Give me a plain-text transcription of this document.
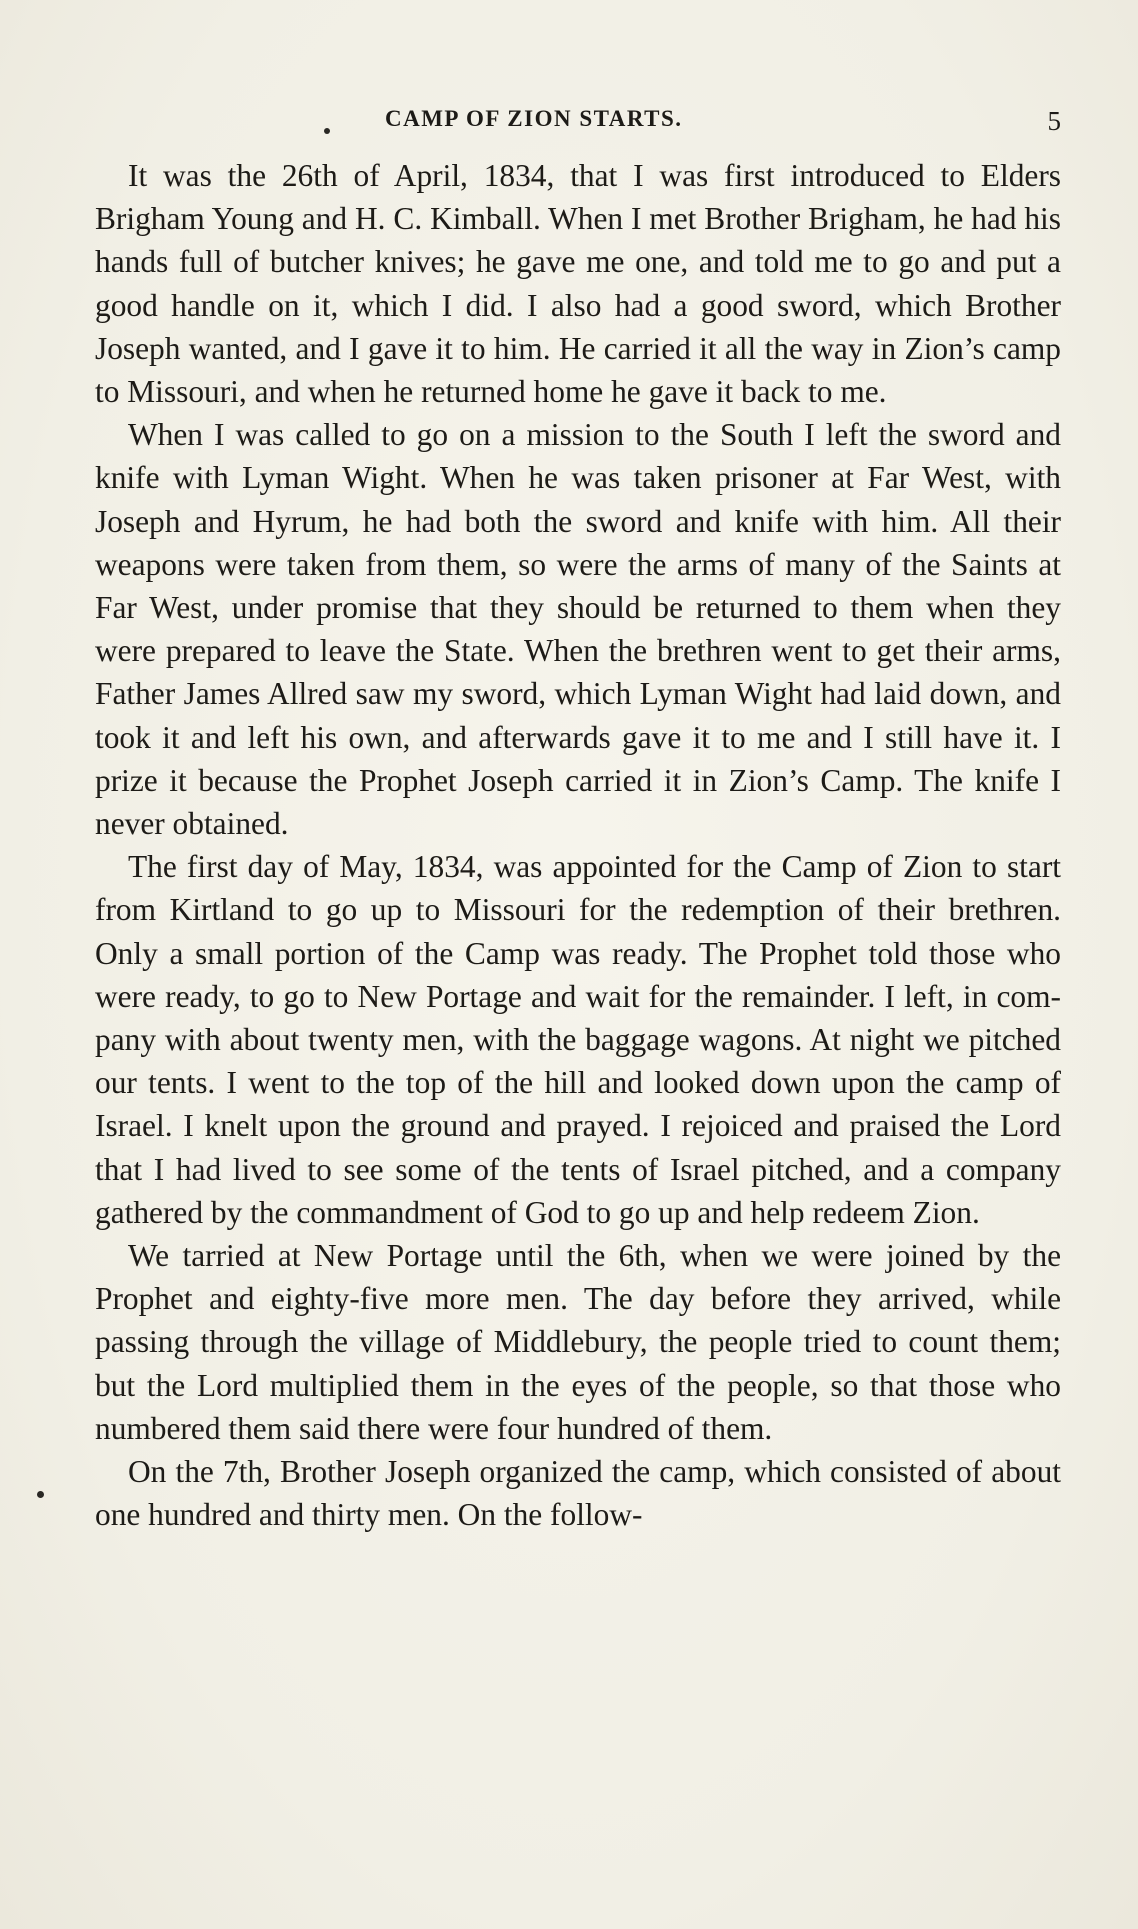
CAMP OF ZION STARTS.	5

It was the 26th of April, 1834, that I was first introduced to Elders Brigham Young and H. C. Kimball. When I met Brother Brigham, he had his hands full of butcher knives; he gave me one, and told me to go and put a good handle on it, which I did. I also had a good sword, which Brother Joseph wanted, and I gave it to him. He carried it all the way in Zion’s camp to Missouri, and when he returned home he gave it back to me.

When I was called to go on a mission to the South I left the sword and knife with Lyman Wight. When he was taken prisoner at Far West, with Joseph and Hyrum, he had both the sword and knife with him. All their weapons were taken from them, so were the arms of many of the Saints at Far West, under promise that they should be returned to them when they were prepared to leave the State. When the brethren went to get their arms, Father James Allred saw my sword, which Lyman Wight had laid down, and took it and left his own, and afterwards gave it to me and I still have it. I prize it because the Prophet Joseph carried it in Zion’s Camp. The knife I never obtained.

The first day of May, 1834, was appointed for the Camp of Zion to start from Kirtland to go up to Missouri for the redemption of their brethren. Only a small portion of the Camp was ready. The Prophet told those who were ready, to go to New Portage and wait for the remainder. I left, in company with about twenty men, with the baggage wagons. At night we pitched our tents. I went to the top of the hill and looked down upon the camp of Israel. I knelt upon the ground and prayed. I rejoiced and praised the Lord that I had lived to see some of the tents of Israel pitched, and a company gathered by the commandment of God to go up and help redeem Zion.

We tarried at New Portage until the 6th, when we were joined by the Prophet and eighty-five more men. The day before they arrived, while passing through the village of Middlebury, the people tried to count them; but the Lord multiplied them in the eyes of the people, so that those who numbered them said there were four hundred of them.

On the 7th, Brother Joseph organized the camp, which consisted of about one hundred and thirty men. On the follow-
